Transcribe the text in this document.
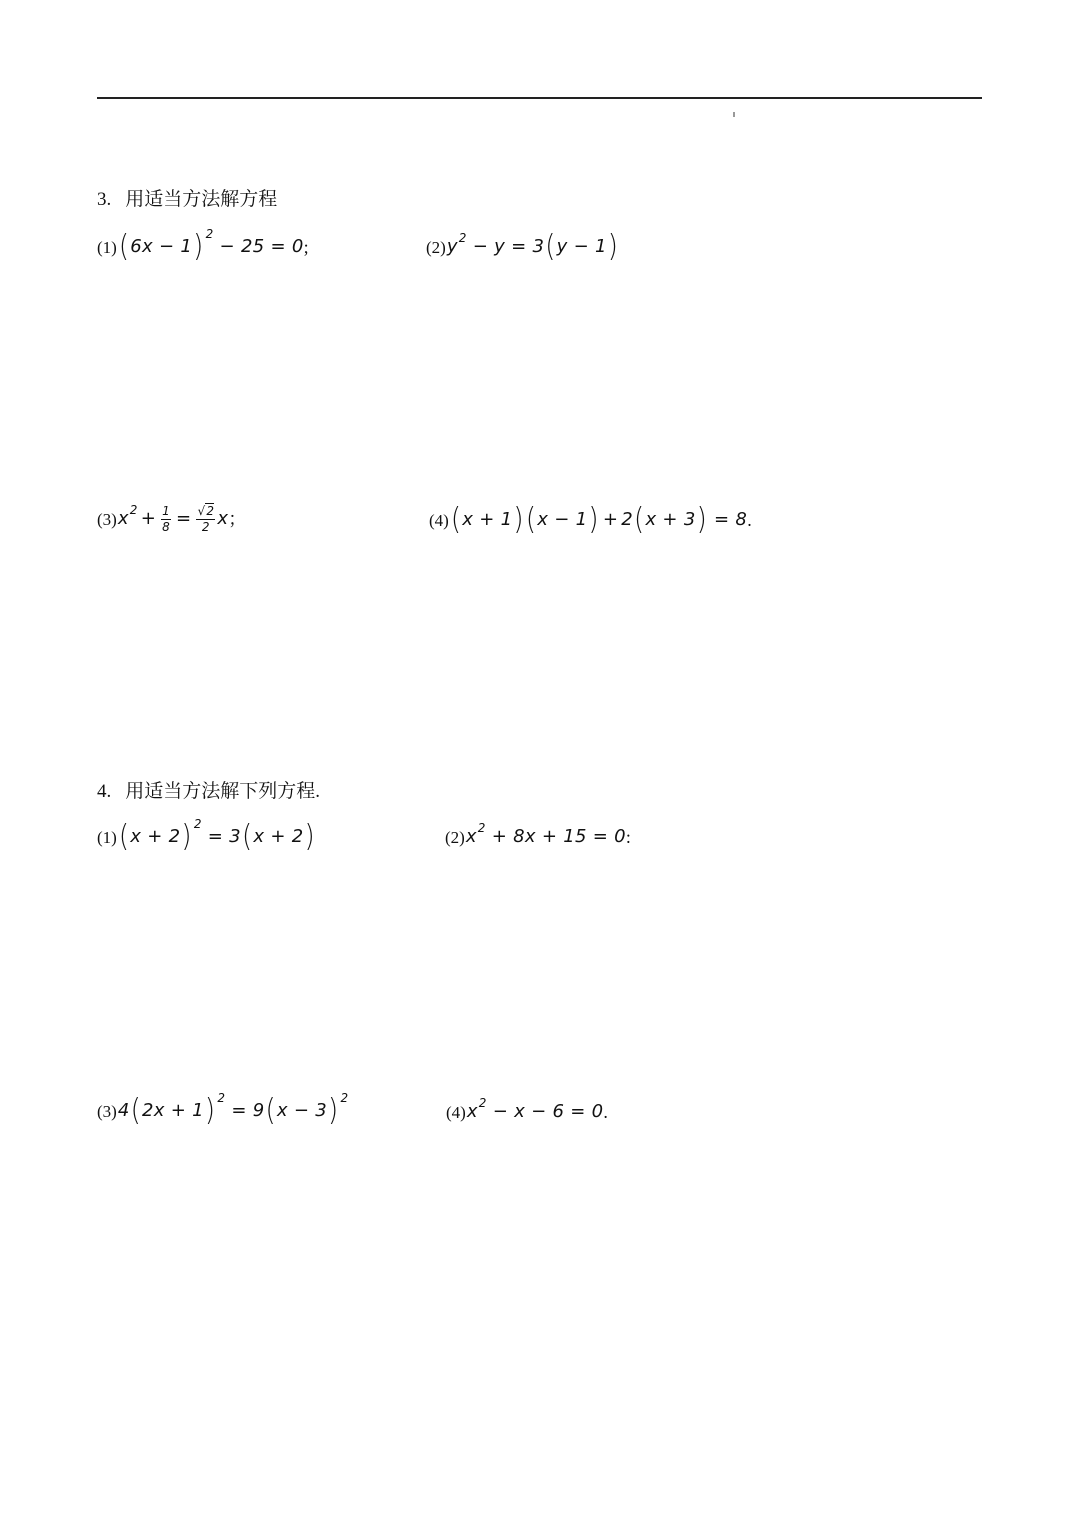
3. 用适当方法解方程
(1) ( 6x − 1 ) 2
− 25 = 0 ;	(2) y 2 − y = 3 ( y − 1 )
(3) x $2 + \frac{1}{8} = \frac{√2}{2}$ x ；	(4) ( x + 1 ) ( x − 1 ) + 2 ( x + 3 ) = 8 .
4. 用适当方法解下列方程.
(1) ( x + 2 ) 2
= 3 ( x + 2 )	(2) x 2 + 8x + 15 = 0 :
(3) 4 ( 2x + 1 ) 2
= 9 ( x − 3 ) 2
(4) x 2 − x − 6 = 0 .
